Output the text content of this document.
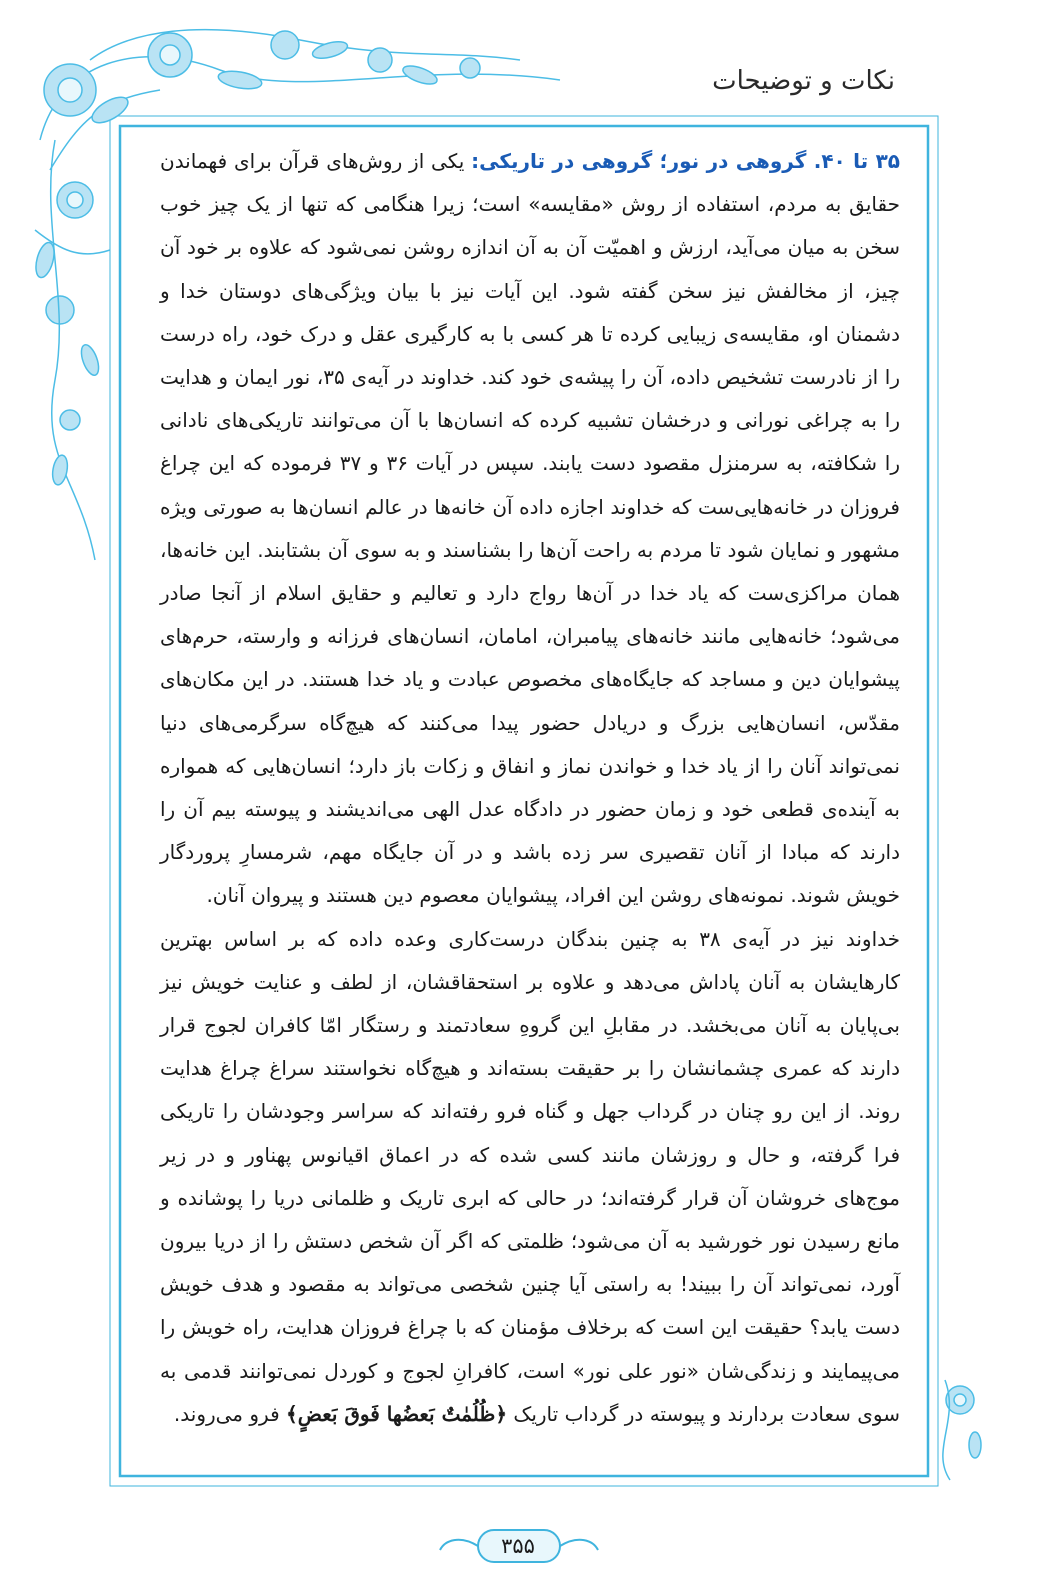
نکات و توضیحات

۳۵ تا ۴۰. گروهی در نور؛ گروهی در تاریکی: یکی از روش‌های قرآن برای فهماندن حقایق به مردم، استفاده از روش «مقایسه» است؛ زیرا هنگامی که تنها از یک چیز خوب سخن به میان می‌آید، ارزش و اهمیّت آن به آن اندازه روشن نمی‌شود که علاوه بر خود آن چیز، از مخالفش نیز سخن گفته شود. این آیات نیز با بیان ویژگی‌های دوستان خدا و دشمنان او، مقایسه‌ی زیبایی کرده تا هر کسی با به کارگیری عقل و درک خود، راه درست را از نادرست تشخیص داده، آن را پیشه‌ی خود کند. خداوند در آیه‌ی ۳۵، نور ایمان و هدایت را به چراغی نورانی و درخشان تشبیه کرده که انسان‌ها با آن می‌توانند تاریکی‌های نادانی را شکافته، به سرمنزل مقصود دست یابند. سپس در آیات ۳۶ و ۳۷ فرموده که این چراغ فروزان در خانه‌هایی‌ست که خداوند اجازه داده آن خانه‌ها در عالم انسان‌ها به صورتی ویژه مشهور و نمایان شود تا مردم به راحت آن‌ها را بشناسند و به سوی آن بشتابند. این خانه‌ها، همان مراکزی‌ست که یاد خدا در آن‌ها رواج دارد و تعالیم و حقایق اسلام از آنجا صادر می‌شود؛ خانه‌هایی مانند خانه‌های پیامبران، امامان، انسان‌های فرزانه و وارسته، حرم‌های پیشوایان دین و مساجد که جایگاه‌های مخصوص عبادت و یاد خدا هستند. در این مکان‌های مقدّس، انسان‌هایی بزرگ و دریادل حضور پیدا می‌کنند که هیچ‌گاه سرگرمی‌های دنیا نمی‌تواند آنان را از یاد خدا و خواندن نماز و انفاق و زکات باز دارد؛ انسان‌هایی که همواره به آینده‌ی قطعی خود و زمان حضور در دادگاه عدل الهی می‌اندیشند و پیوسته بیم آن را دارند که مبادا از آنان تقصیری سر زده باشد و در آن جایگاه مهم، شرمسارِ پروردگار خویش شوند. نمونه‌های روشن این افراد، پیشوایان معصوم دین هستند و پیروان آنان.

خداوند نیز در آیه‌ی ۳۸ به چنین بندگان درست‌کاری وعده داده که بر اساس بهترین کارهایشان به آنان پاداش می‌دهد و علاوه بر استحقاقشان، از لطف و عنایت خویش نیز بی‌پایان به آنان می‌بخشد. در مقابلِ این گروهِ سعادتمند و رستگار امّا کافران لجوج قرار دارند که عمری چشمانشان را بر حقیقت بسته‌اند و هیچ‌گاه نخواستند سراغ چراغ هدایت روند. از این رو چنان در گرداب جهل و گناه فرو رفته‌اند که سراسر وجودشان را تاریکی فرا گرفته، و حال و روزشان مانند کسی شده که در اعماق اقیانوس پهناور و در زیر موج‌های خروشان آن قرار گرفته‌اند؛ در حالی که ابری تاریک و ظلمانی دریا را پوشانده و مانع رسیدن نور خورشید به آن می‌شود؛ ظلمتی که اگر آن شخص دستش را از دریا بیرون آورد، نمی‌تواند آن را ببیند! به راستی آیا چنین شخصی می‌تواند به مقصود و هدف خویش دست یابد؟ حقیقت این است که برخلاف مؤمنان که با چراغ فروزان هدایت، راه خویش را می‌پیمایند و زندگی‌شان «نور علی نور» است، کافرانِ لجوج و کوردل نمی‌توانند قدمی به سوی سعادت بردارند و پیوسته در گرداب تاریک ﴿ظُلُمٰتٌ بَعضُها فَوقَ بَعضٍ﴾ فرو می‌روند.

۳۵۵
